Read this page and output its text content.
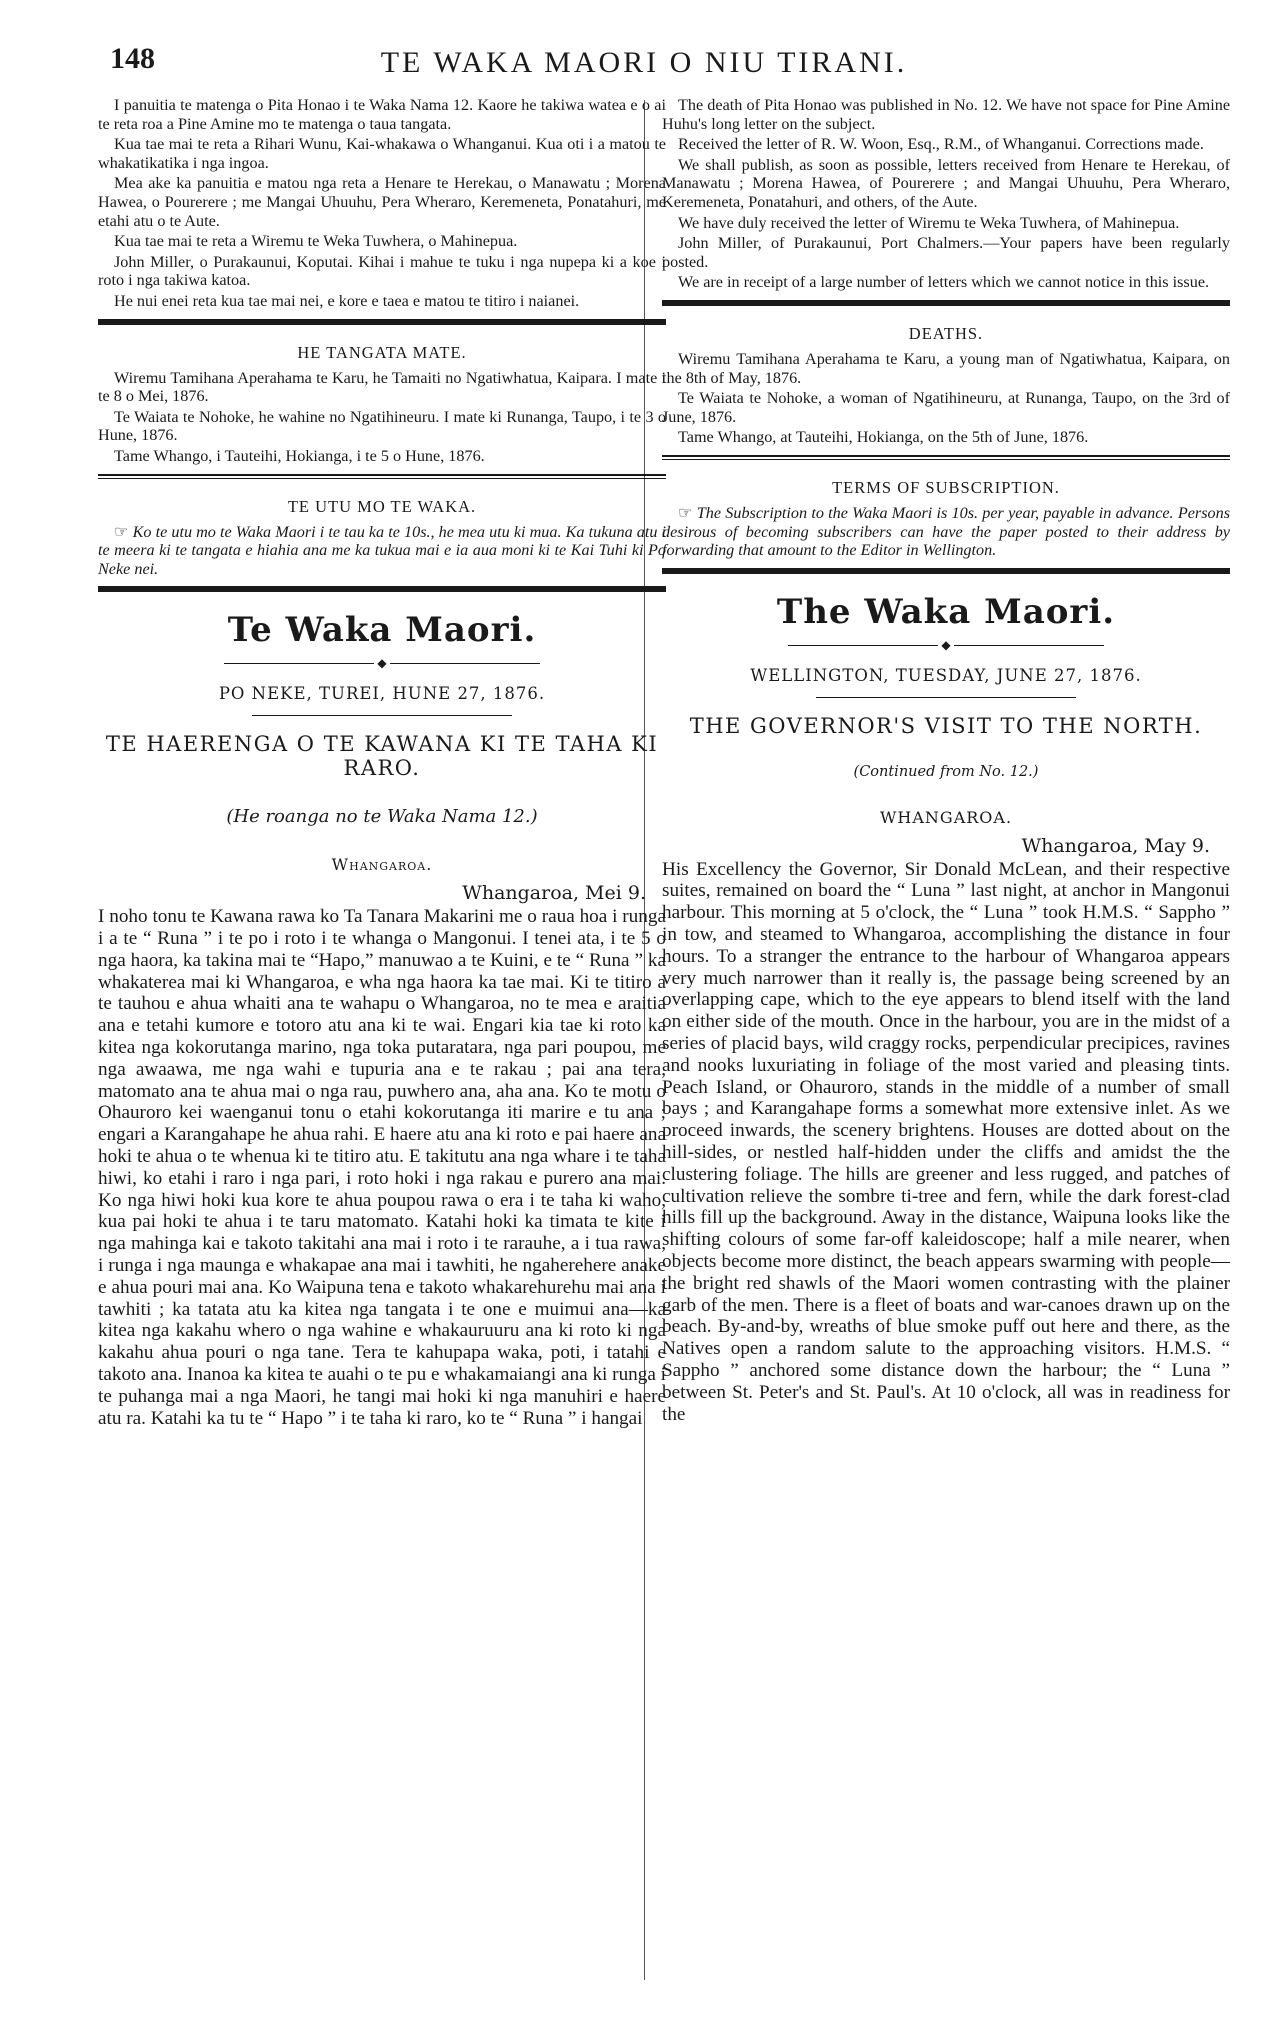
148	TE WAKA MAORI O NIU TIRANI.

I panuitia te matenga o Pita Honao i te Waka Nama 12. Kaore he takiwa watea e o ai te reta roa a Pine Amine mo te matenga o taua tangata.

Kua tae mai te reta a Rihari Wunu, Kai-whakawa o Whanganui. Kua oti i a matou te whakatikatika i nga ingoa.

Mea ake ka panuitia e matou nga reta a Henare te Herekau, o Manawatu ; Morena Hawea, o Pourerere ; me Mangai Uhuuhu, Pera Wheraro, Keremeneta, Ponatahuri, me etahi atu o te Aute.

Kua tae mai te reta a Wiremu te Weka Tuwhera, o Mahinepua.

John Miller, o Purakaunui, Koputai. Kihai i mahue te tuku i nga nupepa ki a koe i roto i nga takiwa katoa.

He nui enei reta kua tae mai nei, e kore e taea e matou te titiro i naianei.

HE TANGATA MATE.

Wiremu Tamihana Aperahama te Karu, he Tamaiti no Ngatiwhatua, Kaipara. I mate i te 8 o Mei, 1876.

Te Waiata te Nohoke, he wahine no Ngatihineuru. I mate ki Runanga, Taupo, i te 3 o Hune, 1876.

Tame Whango, i Tauteihi, Hokianga, i te 5 o Hune, 1876.

TE UTU MO TE WAKA.

☞ Ko te utu mo te Waka Maori i te tau ka te 10s., he mea utu ki mua. Ka tukuna atu i te meera ki te tangata e hiahia ana me ka tukua mai e ia aua moni ki te Kai Tuhi ki Po Neke nei.

Te Waka Maori.
◆
PO NEKE, TUREI, HUNE 27, 1876.
TE HAERENGA O TE KAWANA KI TE TAHA KI RARO.
(He roanga no te Waka Nama 12.)
Whangaroa.
Whangaroa, Mei 9.

I noho tonu te Kawana rawa ko Ta Tanara Makarini me o raua hoa i runga i a te “ Runa ” i te po i roto i te whanga o Mangonui. I tenei ata, i te 5 o nga haora, ka takina mai te “Hapo,” manuwao a te Kuini, e te “ Runa ” ka whakaterea mai ki Whangaroa, e wha nga haora ka tae mai. Ki te titiro a te tauhou e ahua whaiti ana te wahapu o Whangaroa, no te mea e araitia ana e tetahi kumore e totoro atu ana ki te wai. Engari kia tae ki roto ka kitea nga kokorutanga marino, nga toka putaratara, nga pari poupou, me nga awaawa, me nga wahi e tupuria ana e te rakau ; pai ana tera, matomato ana te ahua mai o nga rau, puwhero ana, aha ana. Ko te motu o Ohauroro kei waenganui tonu o etahi kokorutanga iti marire e tu ana ; engari a Karangahape he ahua rahi. E haere atu ana ki roto e pai haere ana hoki te ahua o te whenua ki te titiro atu. E takitutu ana nga whare i te taha hiwi, ko etahi i raro i nga pari, i roto hoki i nga rakau e purero ana mai. Ko nga hiwi hoki kua kore te ahua poupou rawa o era i te taha ki waho, kua pai hoki te ahua i te taru matomato. Katahi hoki ka timata te kite i nga mahinga kai e takoto takitahi ana mai i roto i te rarauhe, a i tua rawa, i runga i nga maunga e whakapae ana mai i tawhiti, he ngaherehere anake e ahua pouri mai ana. Ko Waipuna tena e takoto whakarehurehu mai ana i tawhiti ; ka tatata atu ka kitea nga tangata i te one e muimui ana—ka kitea nga kakahu whero o nga wahine e whakauruuru ana ki roto ki nga kakahu ahua pouri o nga tane. Tera te kahupapa waka, poti, i tatahi e takoto ana. Inanoa ka kitea te auahi o te pu e whakamaiangi ana ki runga i te puhanga mai a nga Maori, he tangi mai hoki ki nga manuhiri e haere atu ra. Katahi ka tu te “ Hapo ” i te taha ki raro, ko te “ Runa ” i hangai

The death of Pita Honao was published in No. 12. We have not space for Pine Amine Huhu's long letter on the subject.

Received the letter of R. W. Woon, Esq., R.M., of Whanganui. Corrections made.

We shall publish, as soon as possible, letters received from Henare te Herekau, of Manawatu ; Morena Hawea, of Pourerere ; and Mangai Uhuuhu, Pera Wheraro, Keremeneta, Ponatahuri, and others, of the Aute.

We have duly received the letter of Wiremu te Weka Tuwhera, of Mahinepua.

John Miller, of Purakaunui, Port Chalmers.—Your papers have been regularly posted.

We are in receipt of a large number of letters which we cannot notice in this issue.

DEATHS.

Wiremu Tamihana Aperahama te Karu, a young man of Ngatiwhatua, Kaipara, on the 8th of May, 1876.

Te Waiata te Nohoke, a woman of Ngatihineuru, at Runanga, Taupo, on the 3rd of June, 1876.

Tame Whango, at Tauteihi, Hokianga, on the 5th of June, 1876.

TERMS OF SUBSCRIPTION.

☞ The Subscription to the Waka Maori is 10s. per year, payable in advance. Persons desirous of becoming subscribers can have the paper posted to their address by forwarding that amount to the Editor in Wellington.

The Waka Maori.
◆
WELLINGTON, TUESDAY, JUNE 27, 1876.
THE GOVERNOR'S VISIT TO THE NORTH.
(Continued from No. 12.)
WHANGAROA.
Whangaroa, May 9.

His Excellency the Governor, Sir Donald McLean, and their respective suites, remained on board the “ Luna ” last night, at anchor in Mangonui harbour. This morning at 5 o'clock, the “ Luna ” took H.M.S. “ Sappho ” in tow, and steamed to Whangaroa, accomplishing the distance in four hours. To a stranger the entrance to the harbour of Whangaroa appears very much narrower than it really is, the passage being screened by an overlapping cape, which to the eye appears to blend itself with the land on either side of the mouth. Once in the harbour, you are in the midst of a series of placid bays, wild craggy rocks, perpendicular precipices, ravines and nooks luxuriating in foliage of the most varied and pleasing tints. Peach Island, or Ohauroro, stands in the middle of a number of small bays ; and Karangahape forms a somewhat more extensive inlet. As we proceed inwards, the scenery brightens. Houses are dotted about on the hill-sides, or nestled half-hidden under the cliffs and amidst the the clustering foliage. The hills are greener and less rugged, and patches of cultivation relieve the sombre ti-tree and fern, while the dark forest-clad hills fill up the background. Away in the distance, Waipuna looks like the shifting colours of some far-off kaleidoscope; half a mile nearer, when objects become more distinct, the beach appears swarming with people—the bright red shawls of the Maori women contrasting with the plainer garb of the men. There is a fleet of boats and war-canoes drawn up on the beach. By-and-by, wreaths of blue smoke puff out here and there, as the Natives open a random salute to the approaching visitors. H.M.S. “ Sappho ” anchored some distance down the harbour; the “ Luna ” between St. Peter's and St. Paul's. At 10 o'clock, all was in readiness for the
